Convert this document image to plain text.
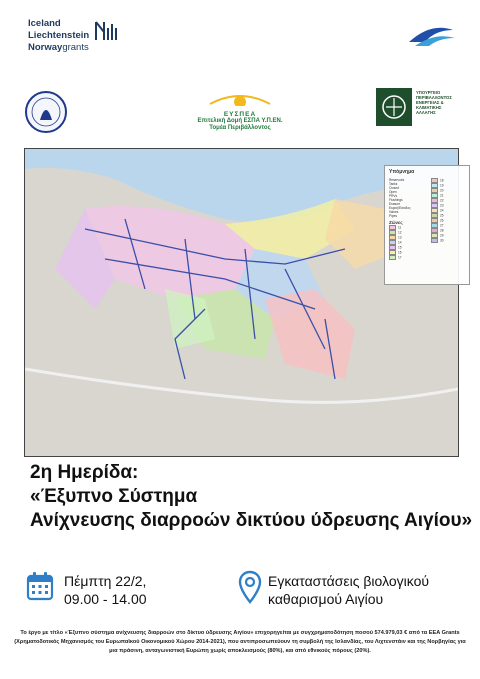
Iceland
Liechtenstein
Norwaygrants
ΕΥΣΠΕΑ
Επιτελική Δομή ΕΣΠΑ Υ.Π.ΕΝ.
Τομέα Περιβάλλοντος
ΥΠΟΥΡΓΕΙΟ
ΠΕΡΙΒΑΛΛΟΝΤΟΣ
ΕΝΕΡΓΕΙΑΣ &
ΚΛΙΜΑΤΙΚΗΣ
ΑΛΛΑΓΗΣ
Υπόμνημα
Reservoirs
Tanks
Closed
Open
PRVs
Flushings
Erasure
Εκροή/Είσοδος
Valves
Pipes
Ζώνες
11
12
13
14
15
16
17
18
19
20
21
22
23
24
25
26
27
28
29
30
2η Ημερίδα:
«Έξυπνο Σύστημα
Ανίχνευσης διαρροών δικτύου ύδρευσης Αιγίου»
Πέμπτη 22/2,
09.00 - 14.00
Εγκαταστάσεις βιολογικού
καθαρισμού Αιγίου
Το έργο με τίτλο «Έξυπνο σύστημα ανίχνευσης διαρροών στο δίκτυο ύδρευσης Αιγίου» επιχορηγείται με συγχρηματοδότηση ποσού 574.979,03 € από τα EEA Grants
(Χρηματοδοτικός Μηχανισμός του Ευρωπαϊκού Οικονομικού Χώρου 2014-2021), που αντιπροσωπεύουν τη συμβολή της Ισλανδίας, του Λιχτενστάιν και της Νορβηγίας για
μια πράσινη, ανταγωνιστική Ευρώπη χωρίς αποκλεισμούς (80%), και από εθνικούς πόρους (20%).
